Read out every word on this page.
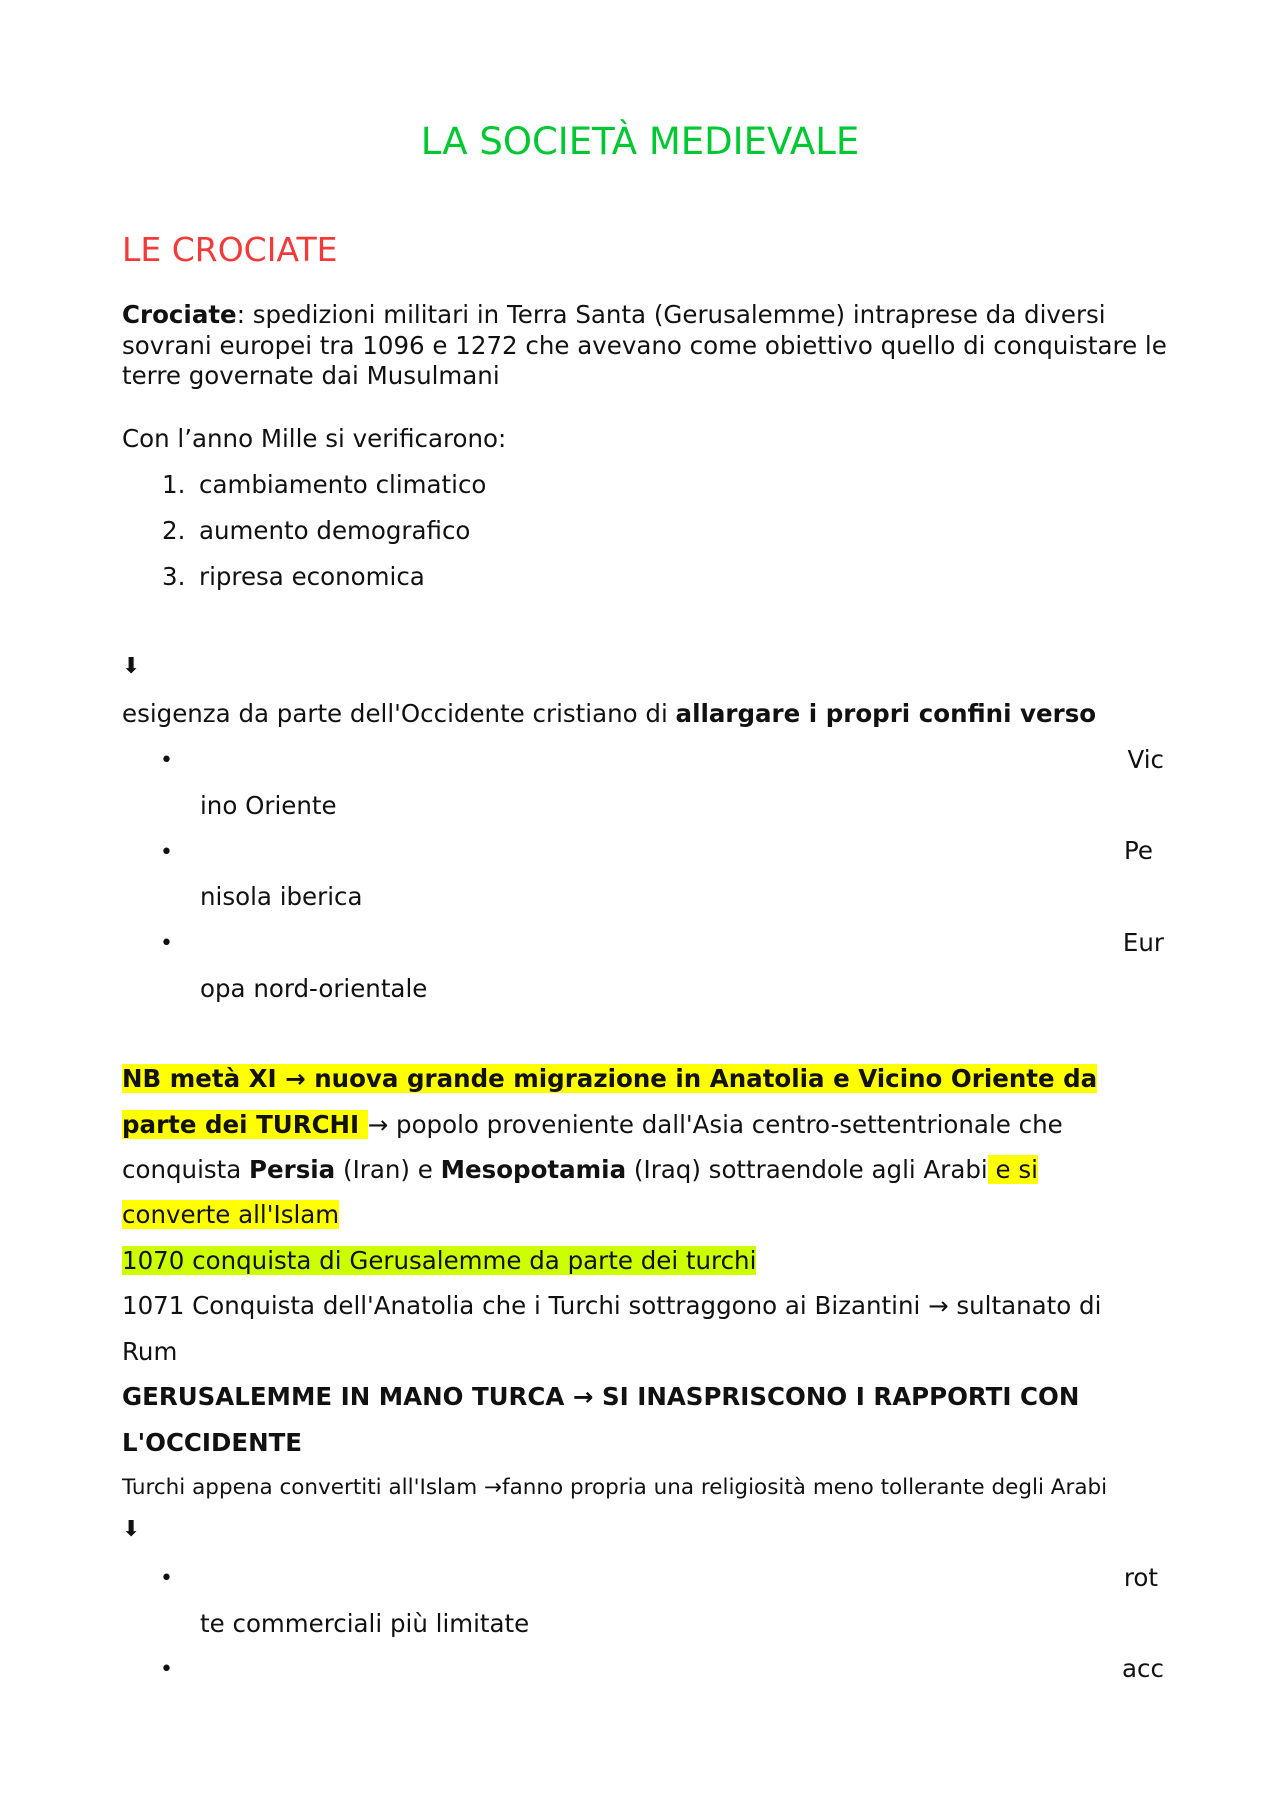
LA SOCIETÀ MEDIEVALE
LE CROCIATE
Crociate: spedizioni militari in Terra Santa (Gerusalemme) intraprese da diversi sovrani europei tra 1096 e 1272 che avevano come obiettivo quello di conquistare le terre governate dai Musulmani
Con l’anno Mille si verificarono:
1. cambiamento climatico
2. aumento demografico
3. ripresa economica
⬇
esigenza da parte dell'Occidente cristiano di allargare i propri confini verso
•	Vic
ino Oriente
•	Pe
nisola iberica
•	Eur
opa nord-orientale
NB metà XI → nuova grande migrazione in Anatolia e Vicino Oriente da
parte dei TURCHI → popolo proveniente dall'Asia centro-settentrionale che
conquista Persia (Iran) e Mesopotamia (Iraq) sottraendole agli Arabi e si
converte all'Islam
1070 conquista di Gerusalemme da parte dei turchi
1071 Conquista dell'Anatolia che i Turchi sottraggono ai Bizantini → sultanato di
Rum
GERUSALEMME IN MANO TURCA → SI INASPRISCONO I RAPPORTI CON
L'OCCIDENTE
Turchi appena convertiti all'Islam →fanno propria una religiosità meno tollerante degli Arabi
⬇
•	rot
te commerciali più limitate
•	acc
